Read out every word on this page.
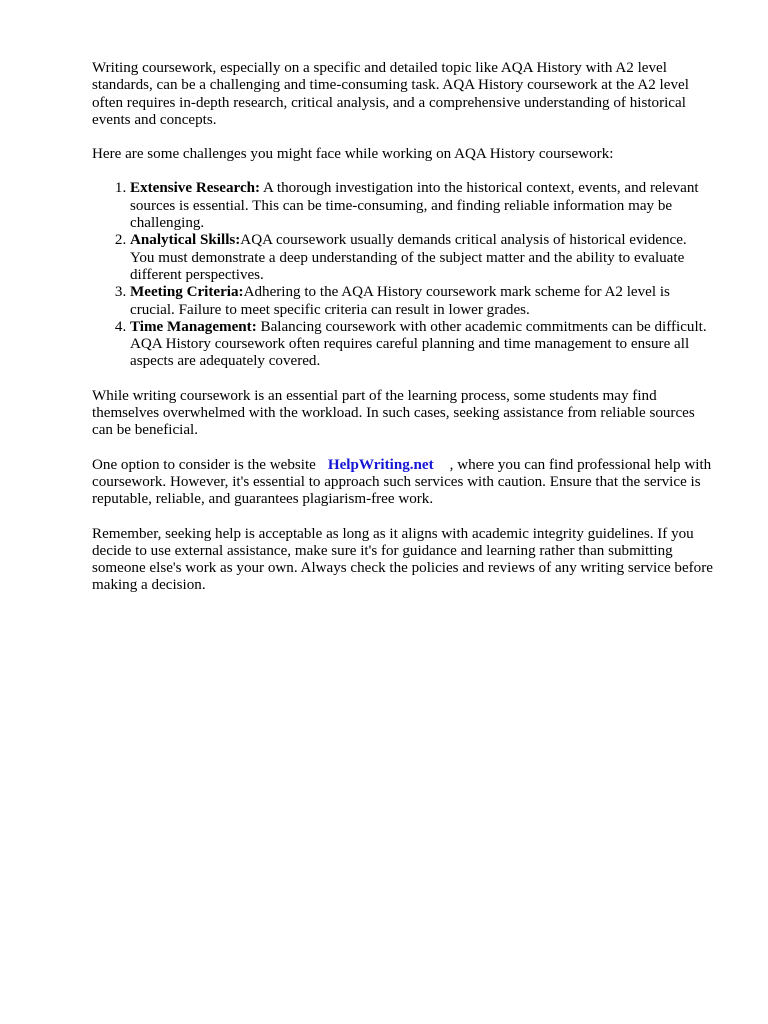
Writing coursework, especially on a specific and detailed topic like AQA History with A2 level standards, can be a challenging and time-consuming task. AQA History coursework at the A2 level often requires in-depth research, critical analysis, and a comprehensive understanding of historical events and concepts.

Here are some challenges you might face while working on AQA History coursework:

1. Extensive Research: A thorough investigation into the historical context, events, and relevant sources is essential. This can be time-consuming, and finding reliable information may be challenging.
2. Analytical Skills:AQA coursework usually demands critical analysis of historical evidence. You must demonstrate a deep understanding of the subject matter and the ability to evaluate different perspectives.
3. Meeting Criteria:Adhering to the AQA History coursework mark scheme for A2 level is crucial. Failure to meet specific criteria can result in lower grades.
4. Time Management: Balancing coursework with other academic commitments can be difficult. AQA History coursework often requires careful planning and time management to ensure all aspects are adequately covered.

While writing coursework is an essential part of the learning process, some students may find themselves overwhelmed with the workload. In such cases, seeking assistance from reliable sources can be beneficial.

One option to consider is the website HelpWriting.net , where you can find professional help with coursework. However, it's essential to approach such services with caution. Ensure that the service is reputable, reliable, and guarantees plagiarism-free work.

Remember, seeking help is acceptable as long as it aligns with academic integrity guidelines. If you decide to use external assistance, make sure it's for guidance and learning rather than submitting someone else's work as your own. Always check the policies and reviews of any writing service before making a decision.
